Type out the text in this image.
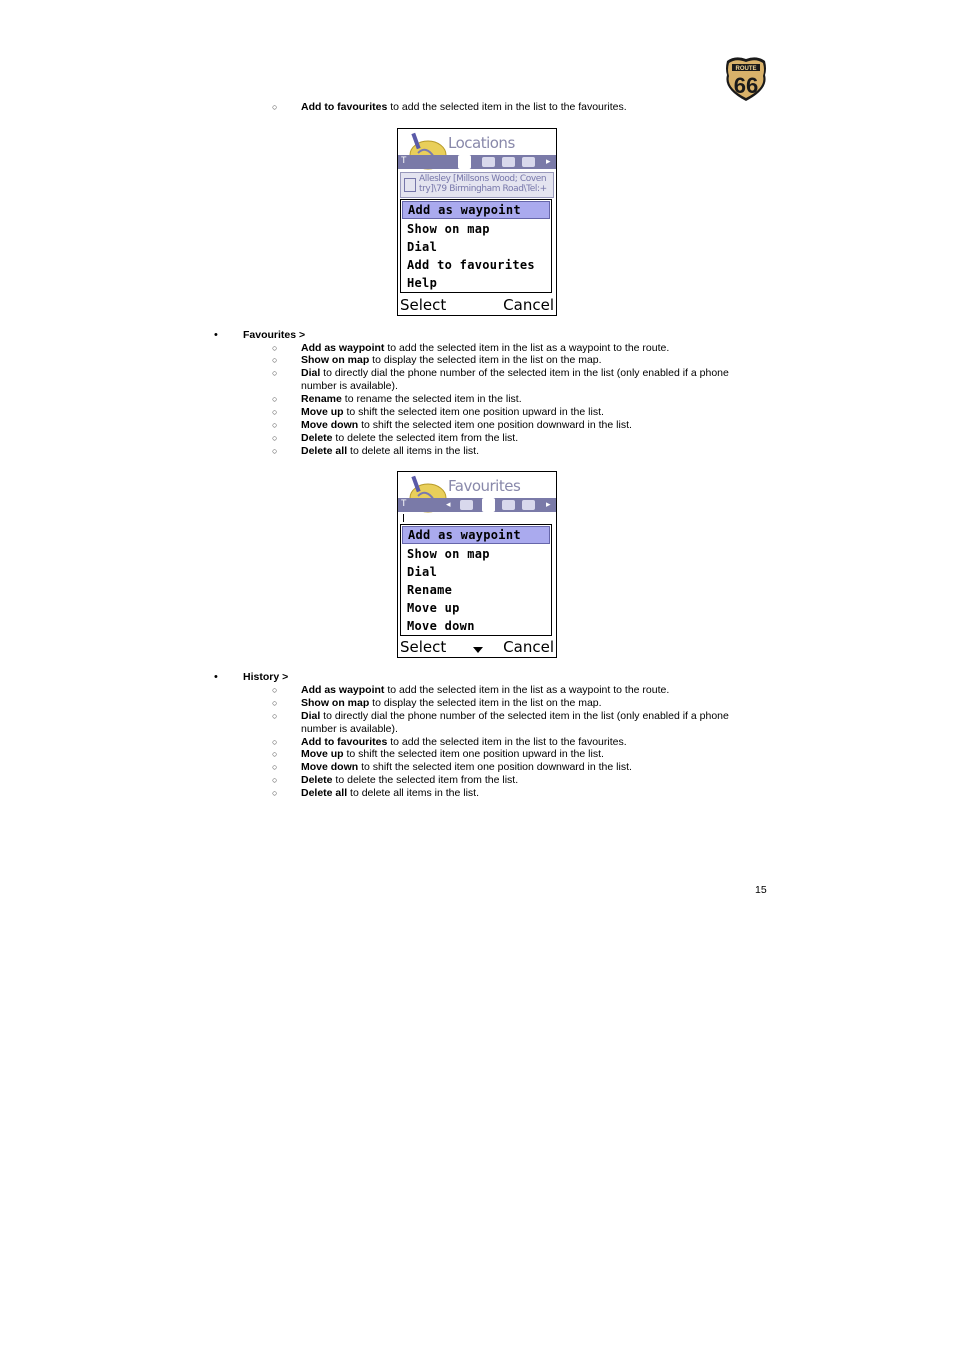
ROUTE
66
○ Add to favourites to add the selected item in the list to the favourites.
Locations
T	▸
Allesley [Millsons Wood; Coven
try]\79 Birmingham Road\Tel:+
Add as waypoint
Show on map
Dial
Add to favourites
Help
Select	Cancel
• Favourites >
○ Add as waypoint to add the selected item in the list as a waypoint to the route.
○ Show on map to display the selected item in the list on the map.
○ Dial to directly dial the phone number of the selected item in the list (only enabled if a phone
number is available).
○ Rename to rename the selected item in the list.
○ Move up to shift the selected item one position upward in the list.
○ Move down to shift the selected item one position downward in the list.
○ Delete to delete the selected item from the list.
○ Delete all to delete all items in the list.
Favourites
T	◂	▸
Add as waypoint
Show on map
Dial
Rename
Move up
Move down
Select	Cancel
• History >
○ Add as waypoint to add the selected item in the list as a waypoint to the route.
○ Show on map to display the selected item in the list on the map.
○ Dial to directly dial the phone number of the selected item in the list (only enabled if a phone
number is available).
○ Add to favourites to add the selected item in the list to the favourites.
○ Move up to shift the selected item one position upward in the list.
○ Move down to shift the selected item one position downward in the list.
○ Delete to delete the selected item from the list.
○ Delete all to delete all items in the list.
15
